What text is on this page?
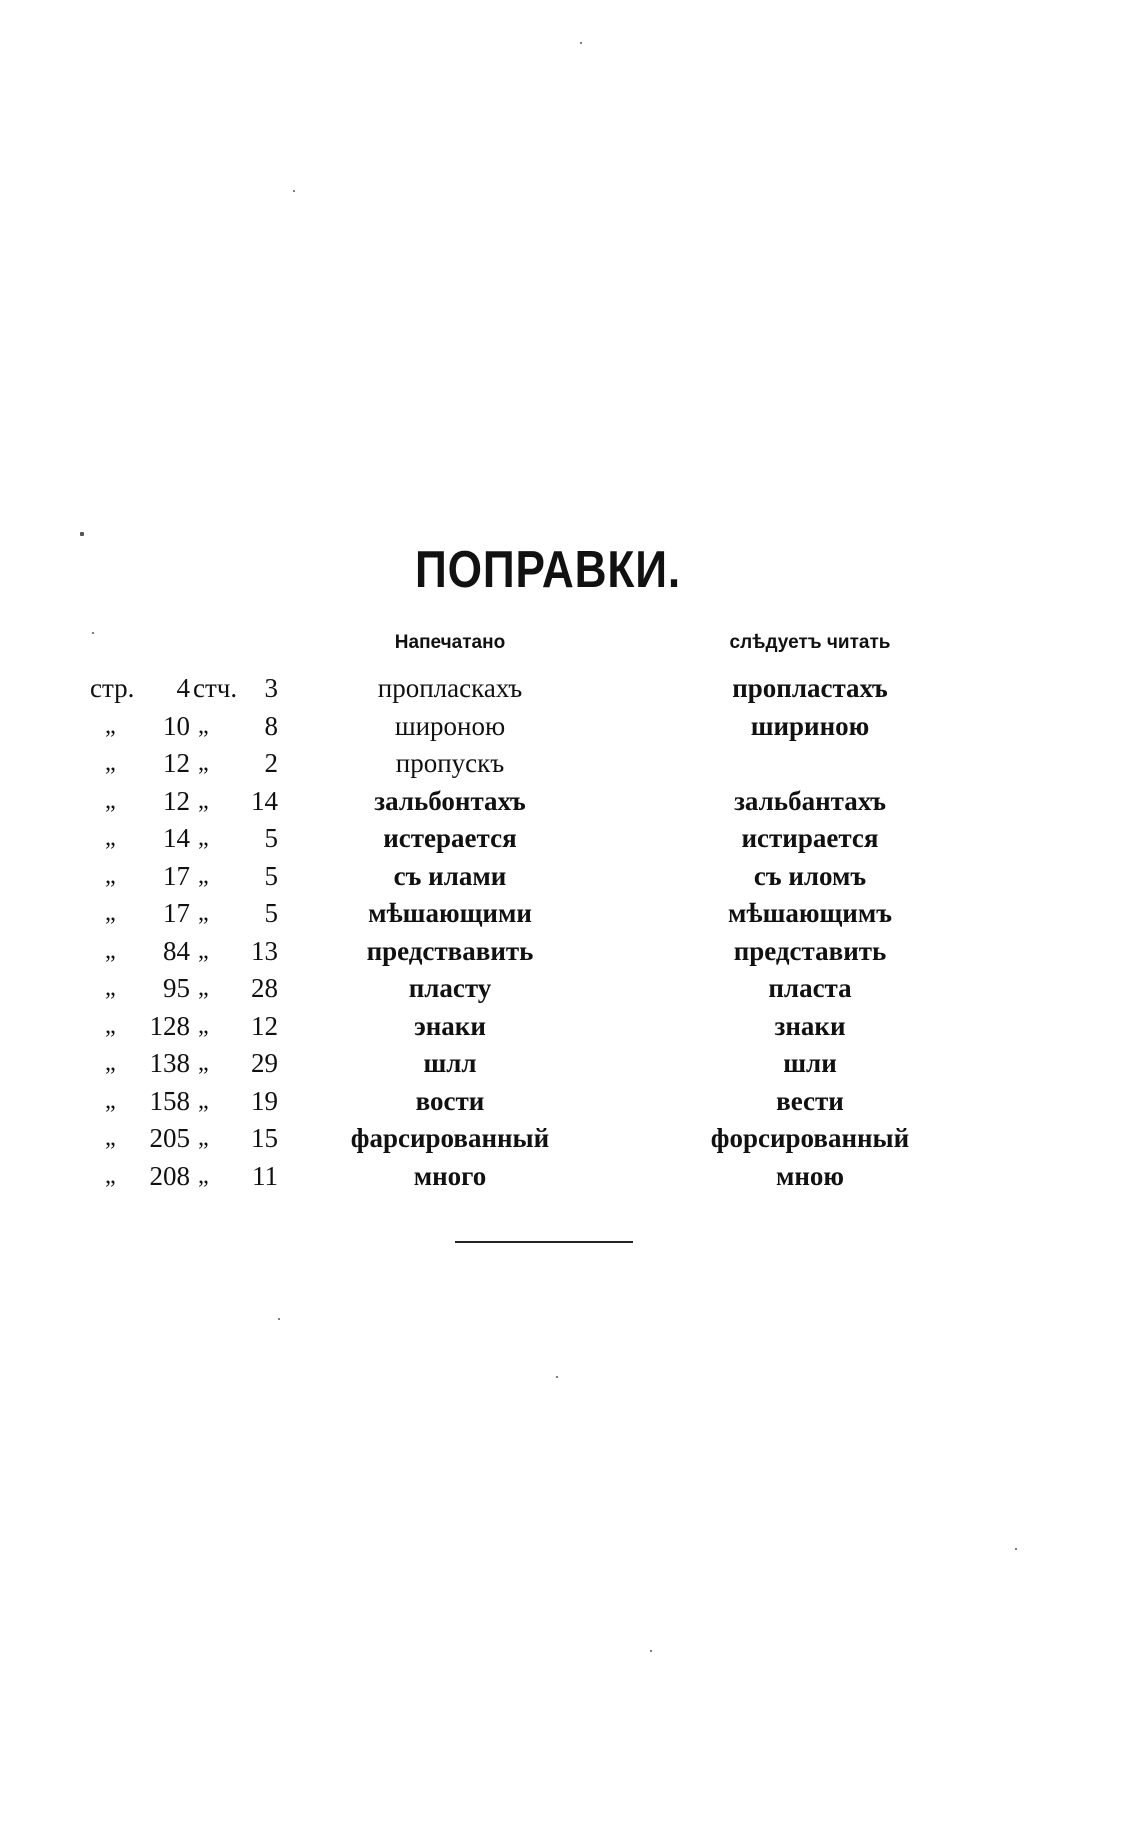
ПОПРАВКИ.
Напечатано	слѣдуетъ читать
стр.	4 стч.	3	пропласкахъ	пропластахъ
„	10 „	8	широною	шириною
„	12 „	2	пропускъ
„	12 „	14	зальбонтахъ	зальбантахъ
„	14 „	5	истерается	истирается
„	17 „	5	съ илами	съ иломъ
„	17 „	5	мѣшающими	мѣшающимъ
„	84 „	13	предствавить	представить
„	95 „	28	пласту	пласта
„	128 „	12	энаки	знаки
„	138 „	29	шлл	шли
„	158 „	19	вости	вести
„	205 „	15	фарсированный	форсированный
„	208 „	11	много	мною
